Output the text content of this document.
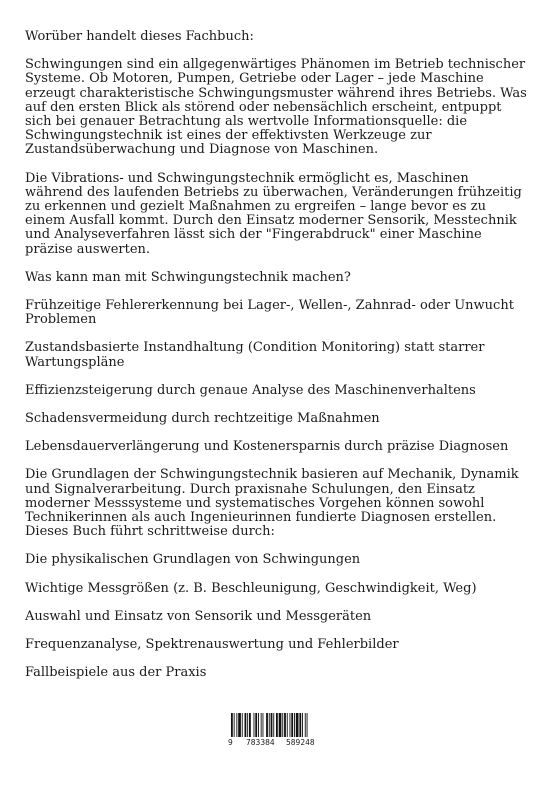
Worüber handelt dieses Fachbuch:

Schwingungen sind ein allgegenwärtiges Phänomen im Betrieb technischer Systeme. Ob Motoren, Pumpen, Getriebe oder Lager – jede Maschine erzeugt charakteristische Schwingungsmuster während ihres Betriebs. Was auf den ersten Blick als störend oder nebensächlich erscheint, entpuppt sich bei genauer Betrachtung als wertvolle Informationsquelle: die Schwingungstechnik ist eines der effektivsten Werkzeuge zur Zustandsüberwachung und Diagnose von Maschinen.

Die Vibrations- und Schwingungstechnik ermöglicht es, Maschinen während des laufenden Betriebs zu überwachen, Veränderungen frühzeitig zu erkennen und gezielt Maßnahmen zu ergreifen – lange bevor es zu einem Ausfall kommt. Durch den Einsatz moderner Sensorik, Messtechnik und Analyseverfahren lässt sich der "Fingerabdruck" einer Maschine präzise auswerten.

Was kann man mit Schwingungstechnik machen?

Frühzeitige Fehlererkennung bei Lager-, Wellen-, Zahnrad- oder Unwucht Problemen

Zustandsbasierte Instandhaltung (Condition Monitoring) statt starrer Wartungspläne

Effizienzsteigerung durch genaue Analyse des Maschinenverhaltens

Schadensvermeidung durch rechtzeitige Maßnahmen

Lebensdauerverlängerung und Kostenersparnis durch präzise Diagnosen

Die Grundlagen der Schwingungstechnik basieren auf Mechanik, Dynamik und Signalverarbeitung. Durch praxisnahe Schulungen, den Einsatz moderner Messsysteme und systematisches Vorgehen können sowohl Technikerinnen als auch Ingenieurinnen fundierte Diagnosen erstellen. Dieses Buch führt schrittweise durch:

Die physikalischen Grundlagen von Schwingungen

Wichtige Messgrößen (z. B. Beschleunigung, Geschwindigkeit, Weg)

Auswahl und Einsatz von Sensorik und Messgeräten

Frequenzanalyse, Spektrenauswertung und Fehlerbilder

Fallbeispiele aus der Praxis

9 783384 589248
